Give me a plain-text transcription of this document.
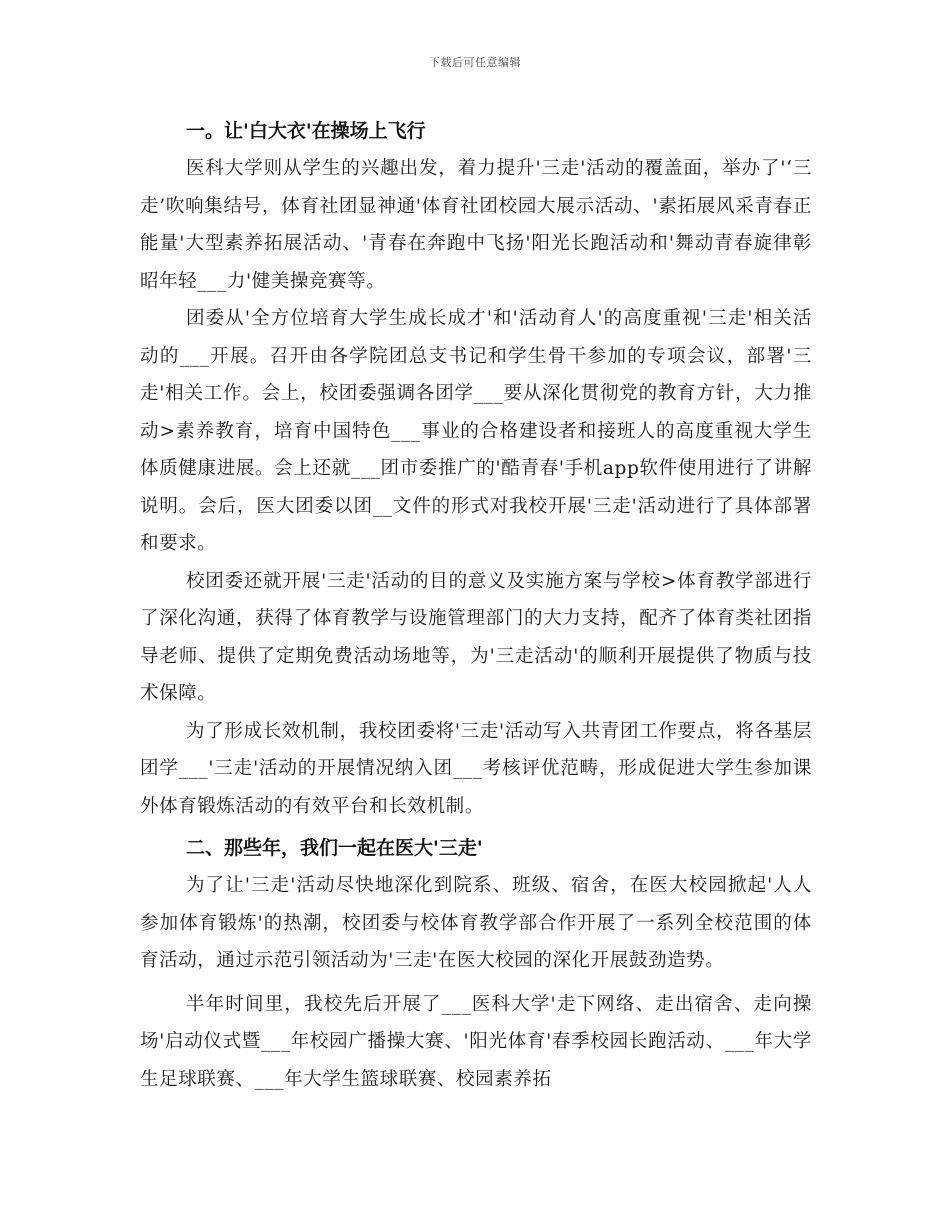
下载后可任意编辑
一。让'白大衣'在操场上飞行

医科大学则从学生的兴趣出发，着力提升'三走'活动的覆盖面，举办了'‘三走’吹响集结号，体育社团显神通'体育社团校园大展示活动、'素拓展风采青春正能量'大型素养拓展活动、'青春在奔跑中飞扬'阳光长跑活动和'舞动青春旋律彰昭年轻___力'健美操竞赛等。

团委从'全方位培育大学生成长成才'和'活动育人'的高度重视'三走'相关活动的___开展。召开由各学院团总支书记和学生骨干参加的专项会议，部署'三走'相关工作。会上，校团委强调各团学___要从深化贯彻党的教育方针，大力推动>素养教育，培育中国特色___事业的合格建设者和接班人的高度重视大学生体质健康进展。会上还就___团市委推广的'酷青春'手机app软件使用进行了讲解说明。会后，医大团委以团__文件的形式对我校开展'三走'活动进行了具体部署和要求。

校团委还就开展'三走'活动的目的意义及实施方案与学校>体育教学部进行了深化沟通，获得了体育教学与设施管理部门的大力支持，配齐了体育类社团指导老师、提供了定期免费活动场地等，为'三走活动'的顺利开展提供了物质与技术保障。

为了形成长效机制，我校团委将'三走'活动写入共青团工作要点，将各基层团学___'三走'活动的开展情况纳入团___考核评优范畴，形成促进大学生参加课外体育锻炼活动的有效平台和长效机制。

二、那些年，我们一起在医大'三走'

为了让'三走'活动尽快地深化到院系、班级、宿舍，在医大校园掀起'人人参加体育锻炼'的热潮，校团委与校体育教学部合作开展了一系列全校范围的体育活动，通过示范引领活动为'三走'在医大校园的深化开展鼓劲造势。

半年时间里，我校先后开展了___医科大学'走下网络、走出宿舍、走向操场'启动仪式暨___年校园广播操大赛、'阳光体育'春季校园长跑活动、___年大学生足球联赛、___年大学生篮球联赛、校园素养拓
